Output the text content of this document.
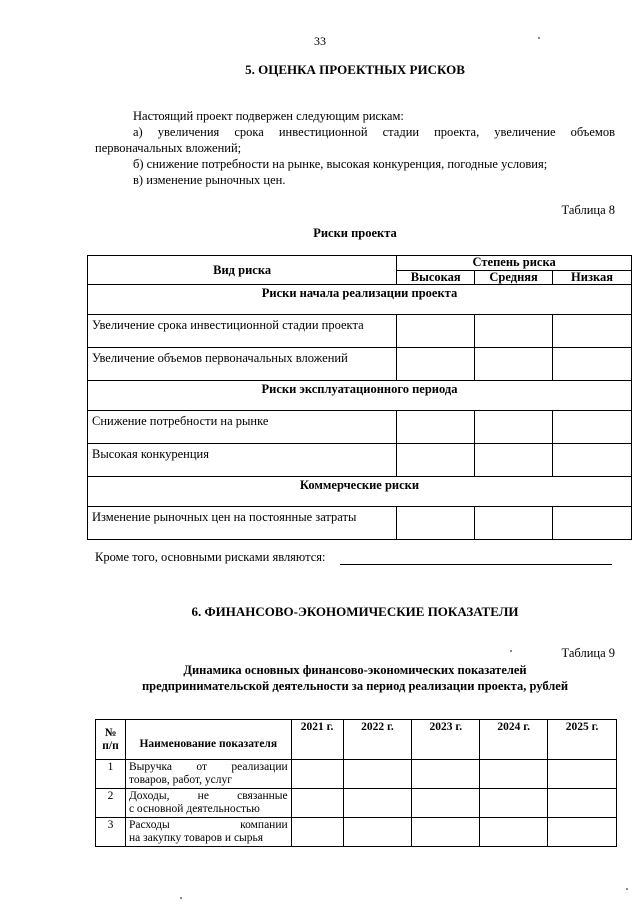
33
5. ОЦЕНКА ПРОЕКТНЫХ РИСКОВ
Настоящий проект подвержен следующим рискам:
а) увеличения срока инвестиционной стадии проекта, увеличение объемов
первоначальных вложений;
б) снижение потребности на рынке, высокая конкуренция, погодные условия;
в) изменение рыночных цен.
Таблица 8
Риски проекта
Вид риска	Степень риска		
	Высокая	Средняя	Низкая
Риски начала реализации проекта			
Увеличение срока инвестиционной стадии проекта			
Увеличение объемов первоначальных вложений			
Риски эксплуатационного периода			
Снижение потребности на рынке			
Высокая конкуренция			
Коммерческие риски			
Изменение рыночных цен на постоянные затраты			
Кроме того, основными рисками являются:
6. ФИНАНСОВО-ЭКОНОМИЧЕСКИЕ ПОКАЗАТЕЛИ
Таблица 9
Динамика основных финансово-экономических показателей
предпринимательской деятельности за период реализации проекта, рублей
№
п/п	Наименование показателя	2021 г.	2022 г.	2023 г.	2024 г.	2025 г.
1	Выручка от реализации
товаров, работ, услуг					
2	Доходы, не связанные
с основной деятельностью					
3	Расходы компании
на закупку товаров и сырья					
